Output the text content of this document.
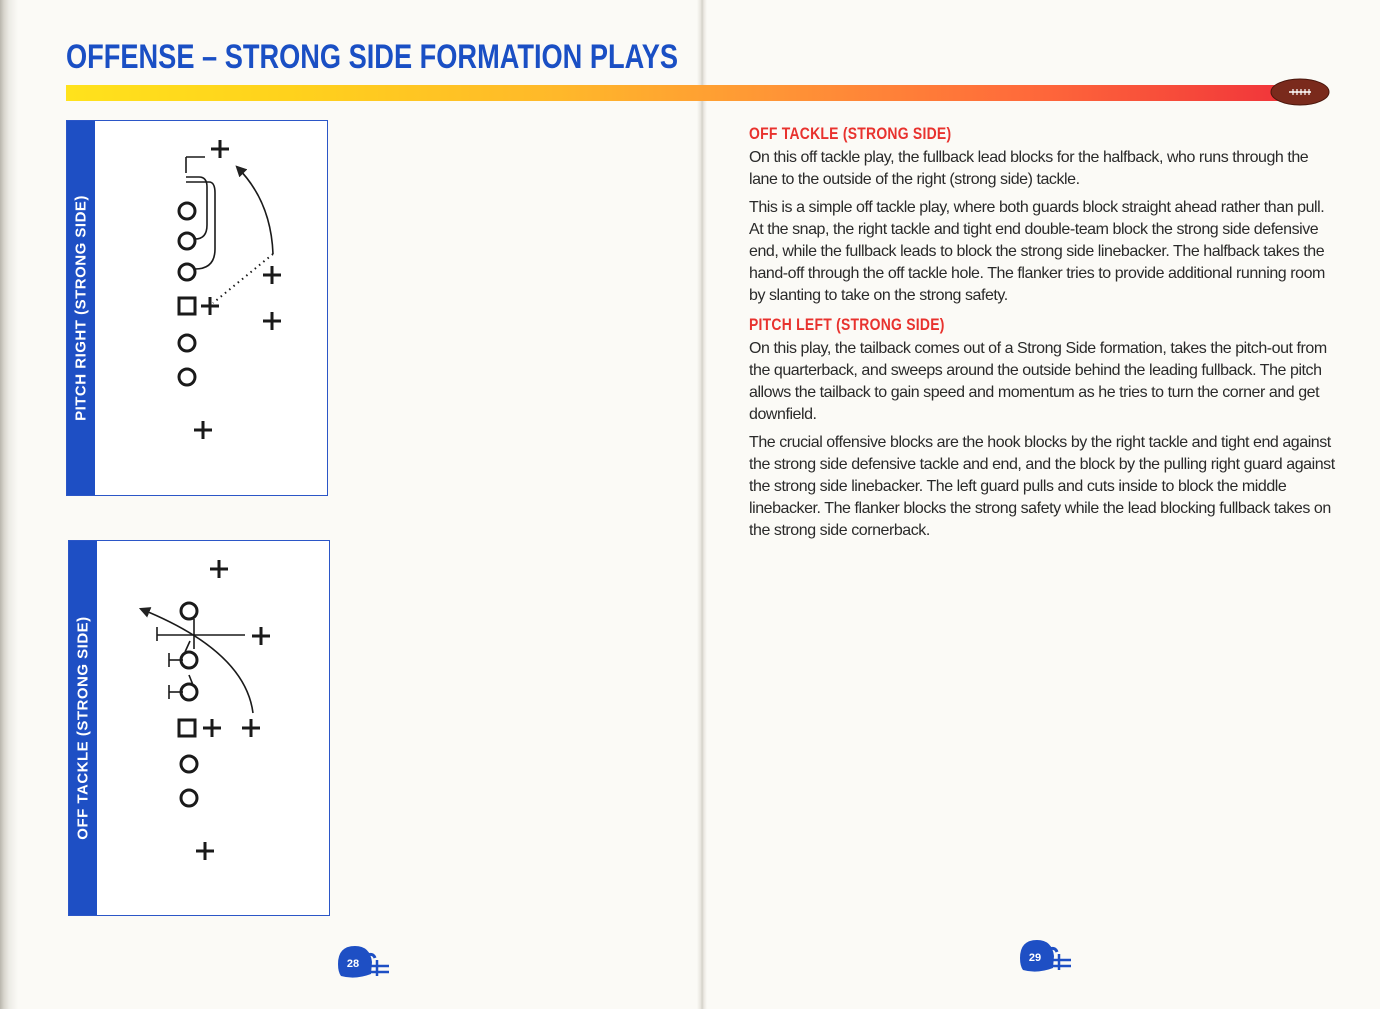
OFFENSE – STRONG SIDE FORMATION PLAYS
PITCH RIGHT (STRONG SIDE)
OFF TACKLE (STRONG SIDE)
OFF TACKLE (STRONG SIDE)

On this off tackle play, the fullback lead blocks for the halfback, who runs through the lane to the outside of the right (strong side) tackle.

This is a simple off tackle play, where both guards block straight ahead rather than pull. At the snap, the right tackle and tight end double-team block the strong side defensive end, while the fullback leads to block the strong side linebacker. The halfback takes the hand-off through the off tackle hole. The flanker tries to provide additional running room by slanting to take on the strong safety.

PITCH LEFT (STRONG SIDE)

On this play, the tailback comes out of a Strong Side formation, takes the pitch-out from the quarterback, and sweeps around the outside behind the leading fullback. The pitch allows the tailback to gain speed and momentum as he tries to turn the corner and get downfield.

The crucial offensive blocks are the hook blocks by the right tackle and tight end against the strong side defensive tackle and end, and the block by the pulling right guard against the strong side linebacker. The left guard pulls and cuts inside to block the middle linebacker. The flanker blocks the strong safety while the lead blocking fullback takes on the strong side cornerback.

28	29
